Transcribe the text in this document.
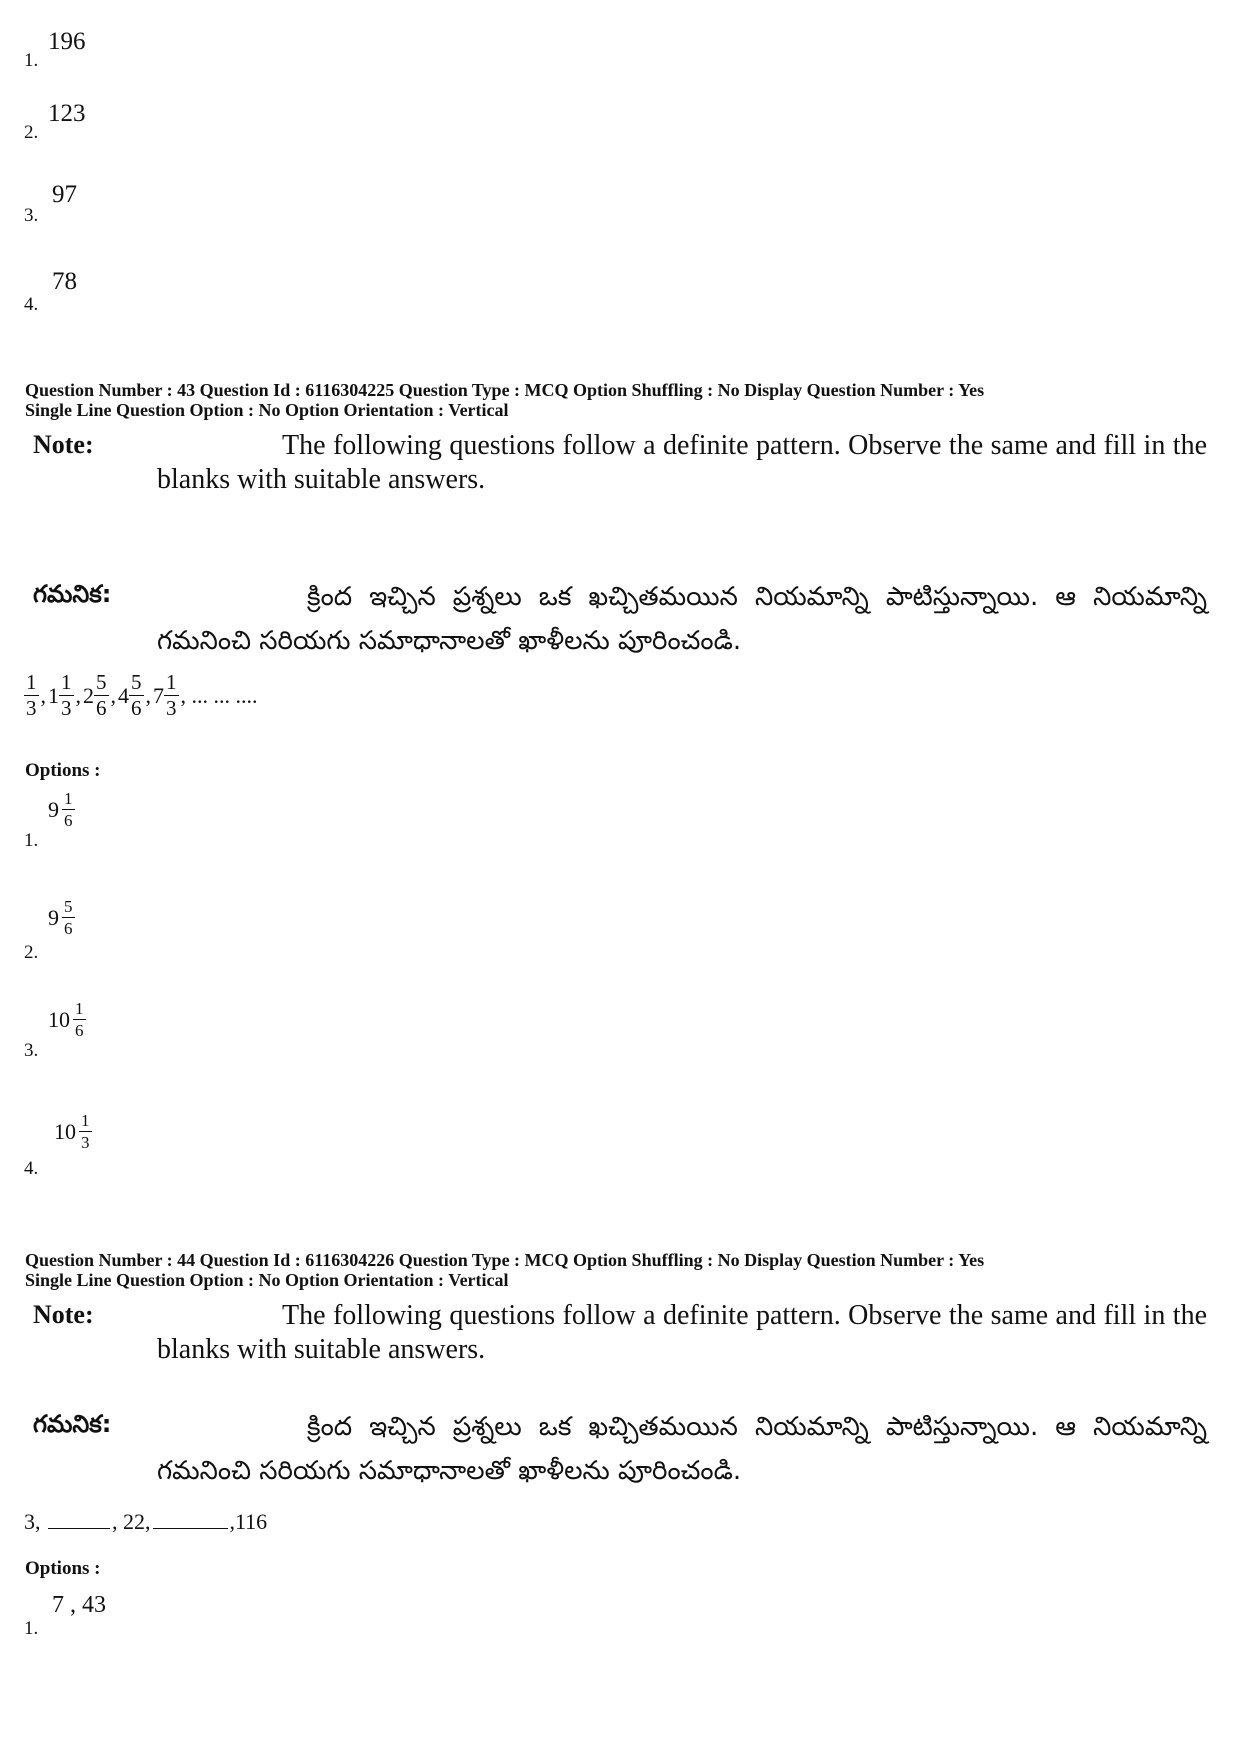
1.
196
2.
123
3.
97
4.
78
Question Number : 43 Question Id : 6116304225 Question Type : MCQ Option Shuffling : No Display Question Number : Yes
Single Line Question Option : No Option Orientation : Vertical
Note:	The following questions follow a definite pattern. Observe the same and fill in the blanks with suitable answers.
గమనిక:	క్రింద ఇచ్చిన ప్రశ్నలు ఒక ఖచ్చితమయిన నియమాన్ని పాటిస్తున్నాయి. ఆ నియమాన్ని గమనించి సరియగు సమాధానాలతో ఖాళీలను పూరించండి.
$\frac{1}{3}$ , $1 \frac{1}{3}$ , $2 \frac{5}{6}$ , $4 \frac{5}{6}$ , $7 \frac{1}{3}$ , ... ... ....
Options :
1.
$9 \frac{1}{6}$
2.
$9 \frac{5}{6}$
3.
$10 \frac{1}{6}$
4.
$10 \frac{1}{3}$
Question Number : 44 Question Id : 6116304226 Question Type : MCQ Option Shuffling : No Display Question Number : Yes
Single Line Question Option : No Option Orientation : Vertical
Note:	The following questions follow a definite pattern. Observe the same and fill in the blanks with suitable answers.
గమనిక:	క్రింద ఇచ్చిన ప్రశ్నలు ఒక ఖచ్చితమయిన నియమాన్ని పాటిస్తున్నాయి. ఆ నియమాన్ని గమనించి సరియగు సమాధానాలతో ఖాళీలను పూరించండి.
3,	, 22,	,116
Options :
1.
7 , 43
